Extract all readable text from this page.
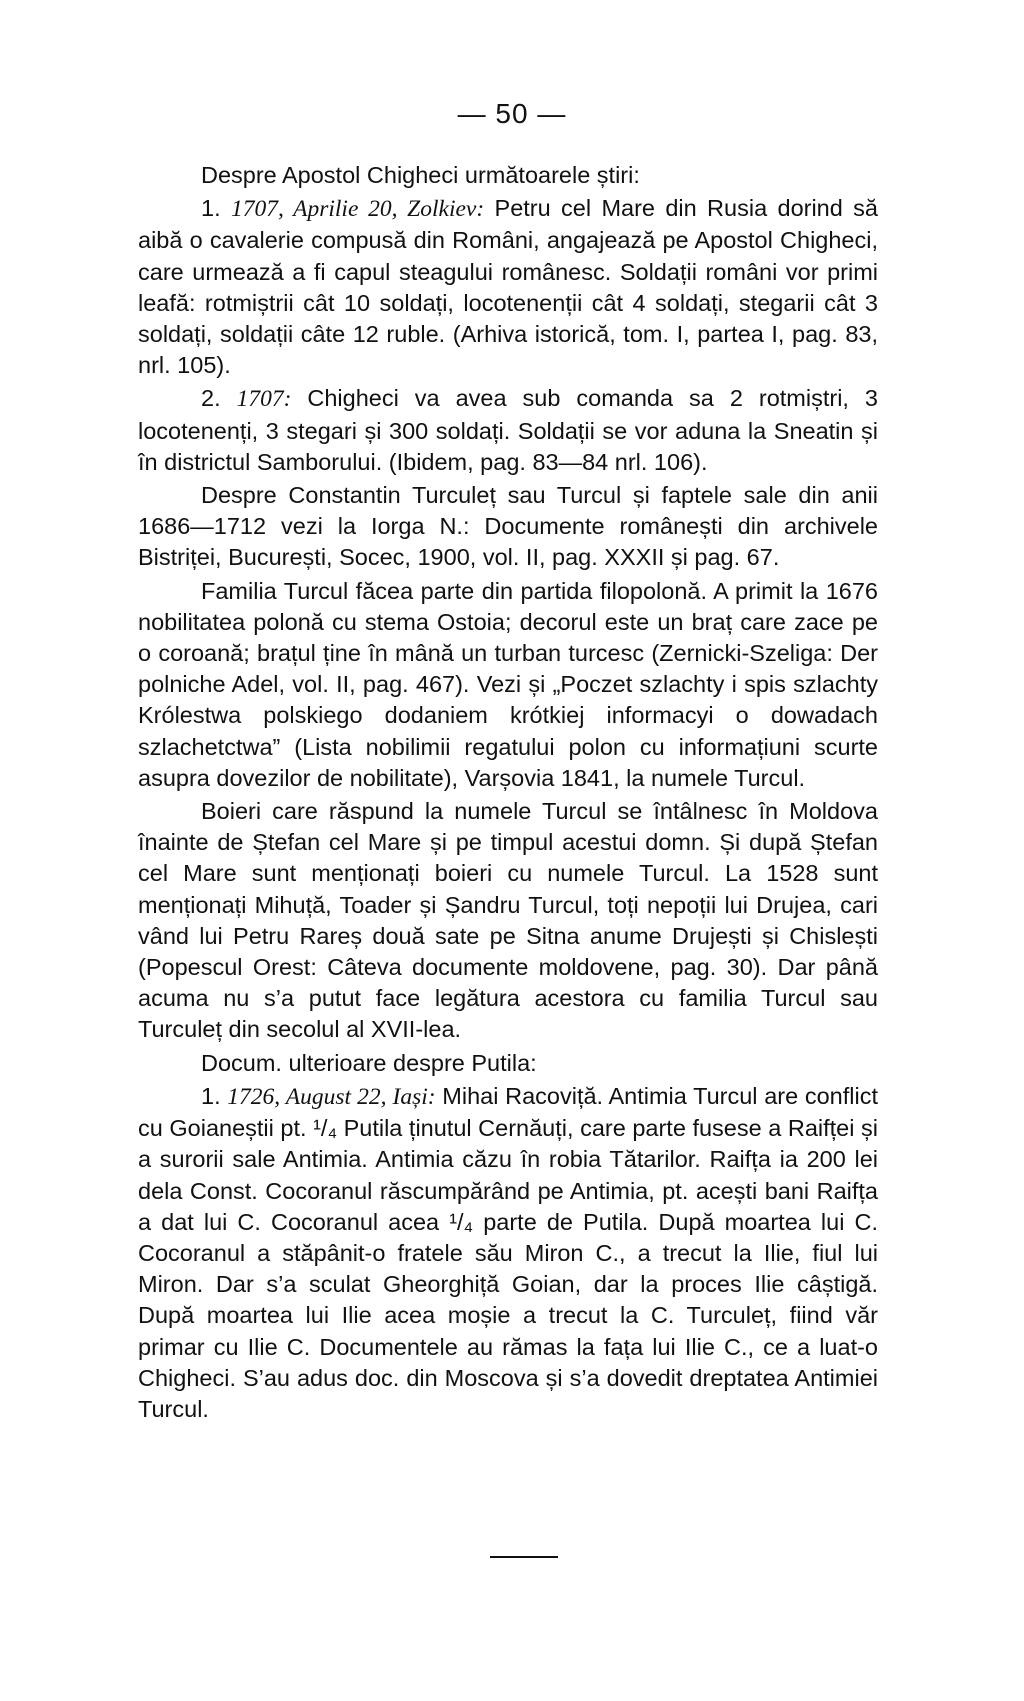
— 50 —

Despre Apostol Chigheci următoarele știri:

1. 1707, Aprilie 20, Zolkiev: Petru cel Mare din Rusia dorind să aibă o cavalerie compusă din Români, angajează pe Apostol Chigheci, care urmează a fi capul steagului românesc. Soldații români vor primi leafă: rotmiștrii cât 10 soldați, locotenenții cât 4 soldați, stegarii cât 3 soldați, soldații câte 12 ruble. (Arhiva istorică, tom. I, partea I, pag. 83, nrl. 105).

2. 1707: Chigheci va avea sub comanda sa 2 rotmiștri, 3 locotenenți, 3 stegari și 300 soldați. Soldații se vor aduna la Sneatin și în districtul Samborului. (Ibidem, pag. 83—84 nrl. 106).

Despre Constantin Turculeț sau Turcul și faptele sale din anii 1686—1712 vezi la Iorga N.: Documente românești din archivele Bistriței, București, Socec, 1900, vol. II, pag. XXXII și pag. 67.

Familia Turcul făcea parte din partida filopolonă. A primit la 1676 nobilitatea polonă cu stema Ostoia; decorul este un braț care zace pe o coroană; brațul ține în mână un turban turcesc (Zernicki-Szeliga: Der polniche Adel, vol. II, pag. 467). Vezi și „Poczet szlachty i spis szlachty Królestwa polskiego dodaniem krótkiej informacyi o dowadach szlachetctwa” (Lista nobilimii regatului polon cu informațiuni scurte asupra dovezilor de nobilitate), Varșovia 1841, la numele Turcul.

Boieri care răspund la numele Turcul se întâlnesc în Moldova înainte de Ștefan cel Mare și pe timpul acestui domn. Și după Ștefan cel Mare sunt menționați boieri cu numele Turcul. La 1528 sunt menționați Mihuță, Toader și Șandru Turcul, toți nepoții lui Drujea, cari vând lui Petru Rareș două sate pe Sitna anume Drujești și Chislești (Popescul Orest: Câteva documente moldovene, pag. 30). Dar până acuma nu s’a putut face legătura acestora cu familia Turcul sau Turculeț din secolul al XVII-lea.

Docum. ulterioare despre Putila:

1. 1726, August 22, Iași: Mihai Racoviță. Antimia Turcul are conflict cu Goianeștii pt. ¹/₄ Putila ținutul Cernăuți, care parte fusese a Raifței și a surorii sale Antimia. Antimia căzu în robia Tătarilor. Raifța ia 200 lei dela Const. Cocoranul răscumpărând pe Antimia, pt. acești bani Raifța a dat lui C. Cocoranul acea ¹/₄ parte de Putila. După moartea lui C. Cocoranul a stăpânit-o fratele său Miron C., a trecut la Ilie, fiul lui Miron. Dar s’a sculat Gheorghiță Goian, dar la proces Ilie câștigă. După moartea lui Ilie acea moșie a trecut la C. Turculeț, fiind văr primar cu Ilie C. Documentele au rămas la fața lui Ilie C., ce a luat-o Chigheci. S’au adus doc. din Moscova și s’a dovedit dreptatea Antimiei Turcul.
